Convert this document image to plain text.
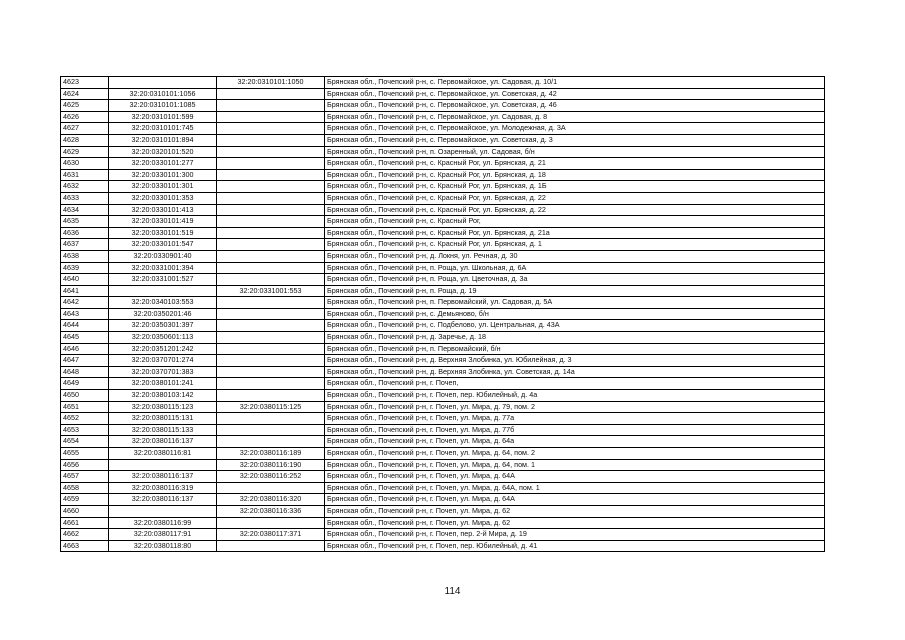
4623		32:20:0310101:1050	Брянская обл., Почепский р-н, с. Первомайское, ул. Садовая, д. 10/1
4624	32:20:0310101:1056		Брянская обл., Почепский р-н, с. Первомайское, ул. Советская, д. 42
4625	32:20:0310101:1085		Брянская обл., Почепский р-н, с. Первомайское, ул. Советская, д. 46
4626	32:20:0310101:599		Брянская обл., Почепский р-н, с. Первомайское, ул. Садовая, д. 8
4627	32:20:0310101:745		Брянская обл., Почепский р-н, с. Первомайское, ул. Молодежная, д. 3А
4628	32:20:0310101:894		Брянская обл., Почепский р-н, с. Первомайское, ул. Советская, д. 3
4629	32:20:0320101:520		Брянская обл., Почепский р-н, п. Озаренный, ул. Садовая, б/н
4630	32:20:0330101:277		Брянская обл., Почепский р-н, с. Красный Рог, ул. Брянская, д. 21
4631	32:20:0330101:300		Брянская обл., Почепский р-н, с. Красный Рог, ул. Брянская, д. 18
4632	32:20:0330101:301		Брянская обл., Почепский р-н, с. Красный Рог, ул. Брянская, д. 1Б
4633	32:20:0330101:353		Брянская обл., Почепский р-н, с. Красный Рог, ул. Брянская, д. 22
4634	32:20:0330101:413		Брянская обл., Почепский р-н, с. Красный Рог, ул. Брянская, д. 22
4635	32:20:0330101:419		Брянская обл., Почепский р-н, с. Красный Рог,
4636	32:20:0330101:519		Брянская обл., Почепский р-н, с. Красный Рог, ул. Брянская, д. 21а
4637	32:20:0330101:547		Брянская обл., Почепский р-н, с. Красный Рог, ул. Брянская, д. 1
4638	32:20:0330901:40		Брянская обл., Почепский р-н, д. Локня, ул. Речная, д. 30
4639	32:20:0331001:394		Брянская обл., Почепский р-н, п. Роща, ул. Школьная, д. 6А
4640	32:20:0331001:527		Брянская обл., Почепский р-н, п. Роща, ул. Цветочная, д. 3а
4641		32:20:0331001:553	Брянская обл., Почепский р-н, п. Роща, д. 19
4642	32:20:0340103:553		Брянская обл., Почепский р-н, п. Первомайский, ул. Садовая, д. 5А
4643	32:20:0350201:46		Брянская обл., Почепский р-н, с. Демьяново, б/н
4644	32:20:0350301:397		Брянская обл., Почепский р-н, с. Подбелово, ул. Центральная, д. 43А
4645	32:20:0350601:113		Брянская обл., Почепский р-н, д. Заречье, д. 18
4646	32:20:0351201:242		Брянская обл., Почепский р-н, п. Первомайский, б/н
4647	32:20:0370701:274		Брянская обл., Почепский р-н, д. Верхняя Злобинка, ул. Юбилейная, д. 3
4648	32:20:0370701:383		Брянская обл., Почепский р-н, д. Верхняя Злобинка, ул. Советская, д. 14а
4649	32:20:0380101:241		Брянская обл., Почепский р-н, г. Почеп,
4650	32:20:0380103:142		Брянская обл., Почепский р-н, г. Почеп, пер. Юбилейный, д. 4а
4651	32:20:0380115:123	32:20:0380115:125	Брянская обл., Почепский р-н, г. Почеп, ул. Мира, д. 79, пом. 2
4652	32:20:0380115:131		Брянская обл., Почепский р-н, г. Почеп, ул. Мира, д. 77а
4653	32:20:0380115:133		Брянская обл., Почепский р-н, г. Почеп, ул. Мира, д. 77б
4654	32:20:0380116:137		Брянская обл., Почепский р-н, г. Почеп, ул. Мира, д. 64а
4655	32:20:0380116:81	32:20:0380116:189	Брянская обл., Почепский р-н, г. Почеп, ул. Мира, д. 64, пом. 2
4656		32:20:0380116:190	Брянская обл., Почепский р-н, г. Почеп, ул. Мира, д. 64, пом. 1
4657	32:20:0380116:137	32:20:0380116:252	Брянская обл., Почепский р-н, г. Почеп, ул. Мира, д. 64А
4658	32:20:0380116:319		Брянская обл., Почепский р-н, г. Почеп, ул. Мира, д. 64А, пом. 1
4659	32:20:0380116:137	32:20:0380116:320	Брянская обл., Почепский р-н, г. Почеп, ул. Мира, д. 64А
4660		32:20:0380116:336	Брянская обл., Почепский р-н, г. Почеп, ул. Мира, д. 62
4661	32:20:0380116:99		Брянская обл., Почепский р-н, г. Почеп, ул. Мира, д. 62
4662	32:20:0380117:91	32:20:0380117:371	Брянская обл., Почепский р-н, г. Почеп, пер. 2-й Мира, д. 19
4663	32:20:0380118:80		Брянская обл., Почепский р-н, г. Почеп, пер. Юбилейный, д. 41
114
